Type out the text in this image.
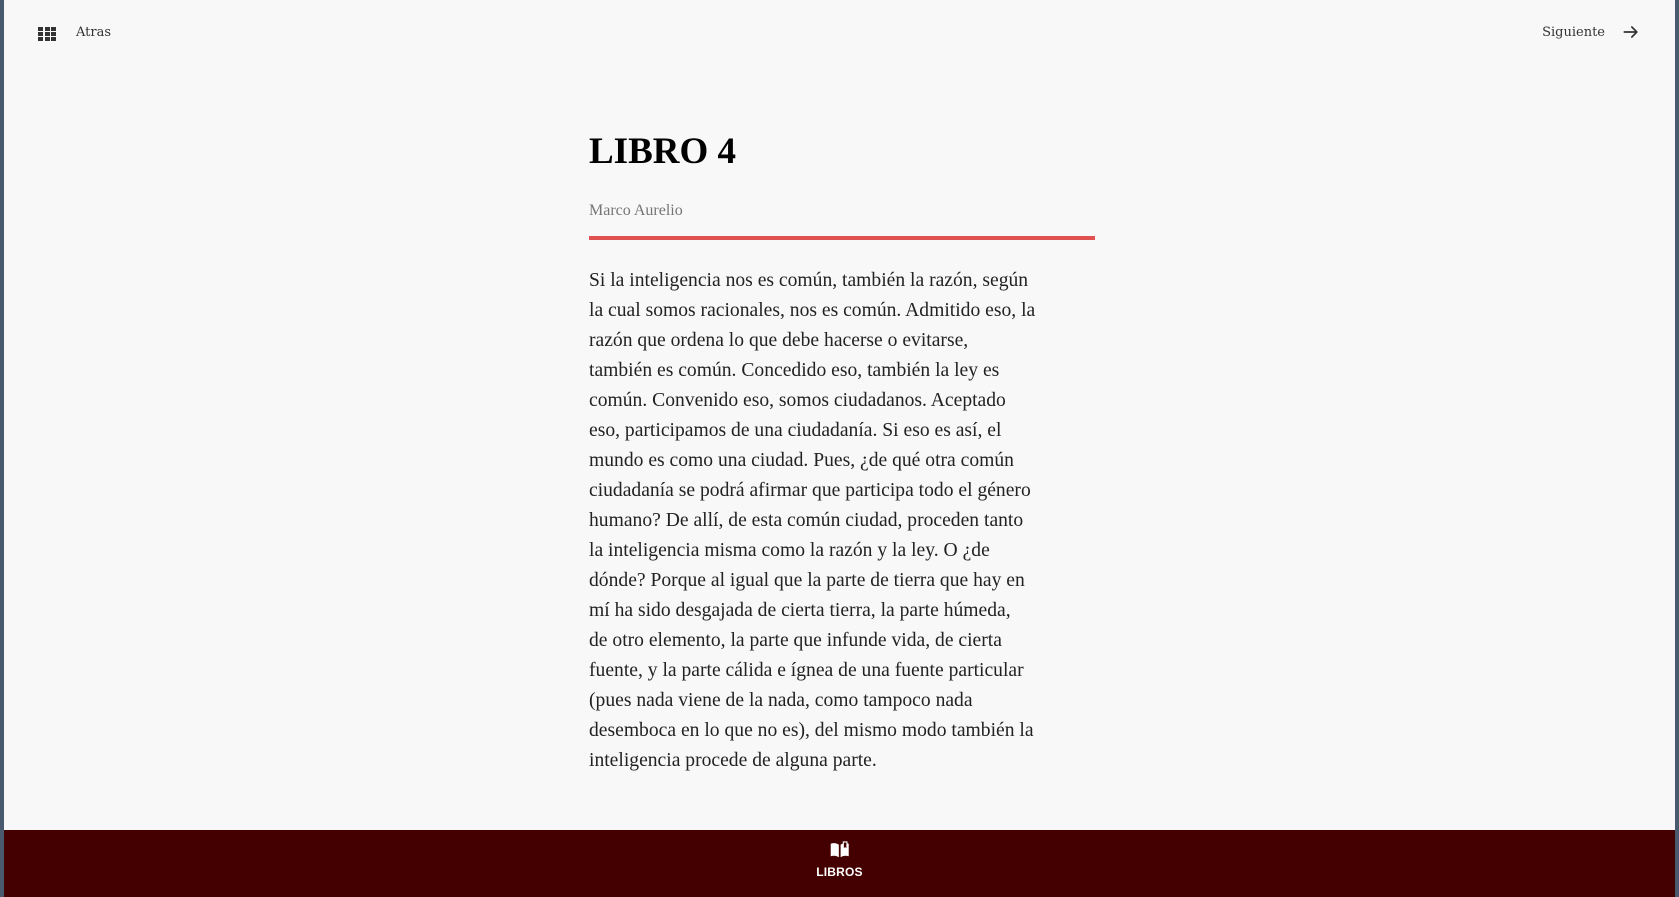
Atras	Siguiente
LIBRO 4
Marco Aurelio
Si la inteligencia nos es común, también la razón, según
la cual somos racionales, nos es común. Admitido eso, la
razón que ordena lo que debe hacerse o evitarse,
también es común. Concedido eso, también la ley es
común. Convenido eso, somos ciudadanos. Aceptado
eso, participamos de una ciudadanía. Si eso es así, el
mundo es como una ciudad. Pues, ¿de qué otra común
ciudadanía se podrá afirmar que participa todo el género
humano? De allí, de esta común ciudad, proceden tanto
la inteligencia misma como la razón y la ley. O ¿de
dónde? Porque al igual que la parte de tierra que hay en
mí ha sido desgajada de cierta tierra, la parte húmeda,
de otro elemento, la parte que infunde vida, de cierta
fuente, y la parte cálida e ígnea de una fuente particular
(pues nada viene de la nada, como tampoco nada
desemboca en lo que no es), del mismo modo también la
inteligencia procede de alguna parte.
LIBROS
